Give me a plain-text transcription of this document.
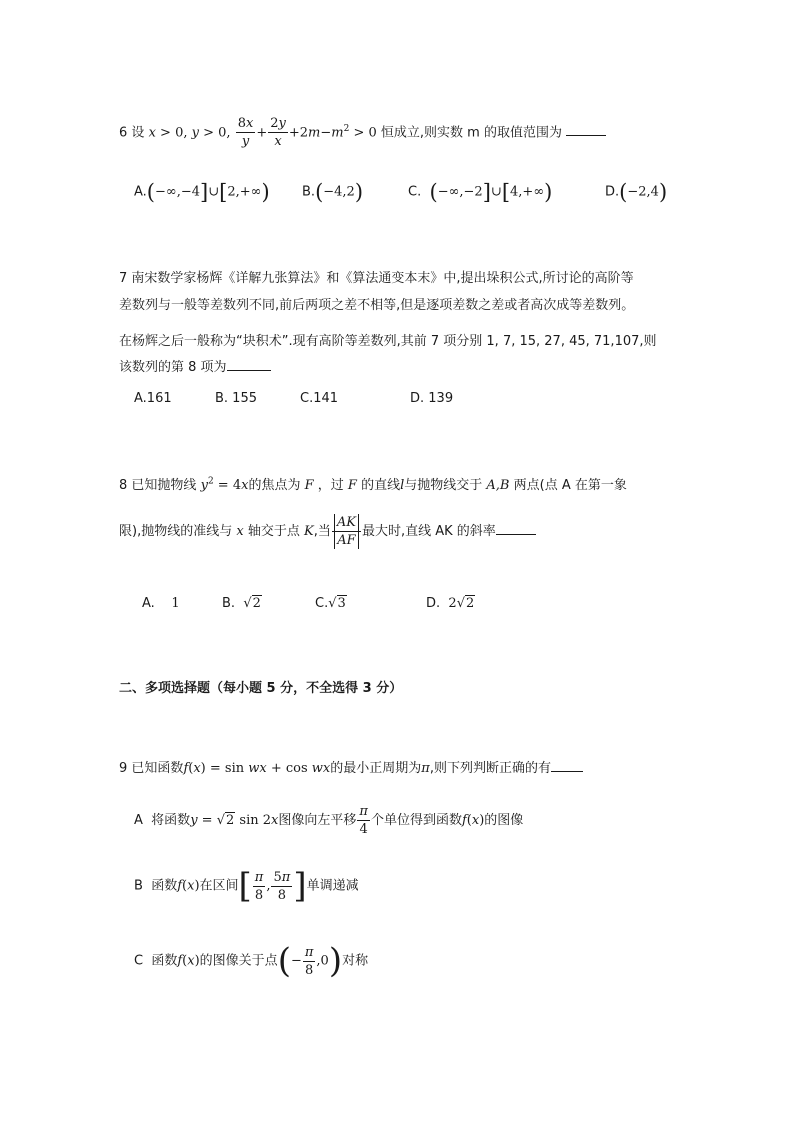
6 设 x > 0, y > 0, $\frac{8x}{y} + \frac{2y}{x} +2m-m^2 > 0$ 恒成立,则实数 m 的取值范围为
A.(−∞,−4]∪[2,+∞) B.(−4,2)	C. (−∞,−2]∪[4,+∞)	D.(−2,4)
7 南宋数学家杨辉《详解九张算法》和《算法通变本末》中,提出垛积公式,所讨论的高阶等
差数列与一般等差数列不同,前后两项之差不相等,但是逐项差数之差或者高次成等差数列。
在杨辉之后一般称为“块积术”.现有高阶等差数列,其前 7 项分别 1, 7, 15, 27, 45, 71,107,则
该数列的第 8 项为
A.161	B. 155	C.141	D. 139
8 已知抛物线 $y^2 = 4x$的焦点为 F ，过 F 的直线l与抛物线交于 A,B 两点(点 A 在第一象
限),抛物线的准线与 x 轴交于点 K,当 $\frac{AK}{AF}$ 最大时,直线 AK 的斜率
A. 1	B. √2	C.√3	D. 2√2
二、多项选择题（每小题 5 分，不全选得 3 分）
9 已知函数f(x) = sin wx + cos wx的最小正周期为π,则下列判断正确的有
A 将函数y = √2 sin 2x图像向左平移 $\frac{\pi}{4}$ 个单位得到函数f(x)的图像
B 函数f(x)在区间[ $\frac{\pi}{8}$ , $\frac{5\pi}{8}$ ]单调递减
C 函数f(x)的图像关于点(− $\frac{\pi}{8} ,0$)对称
